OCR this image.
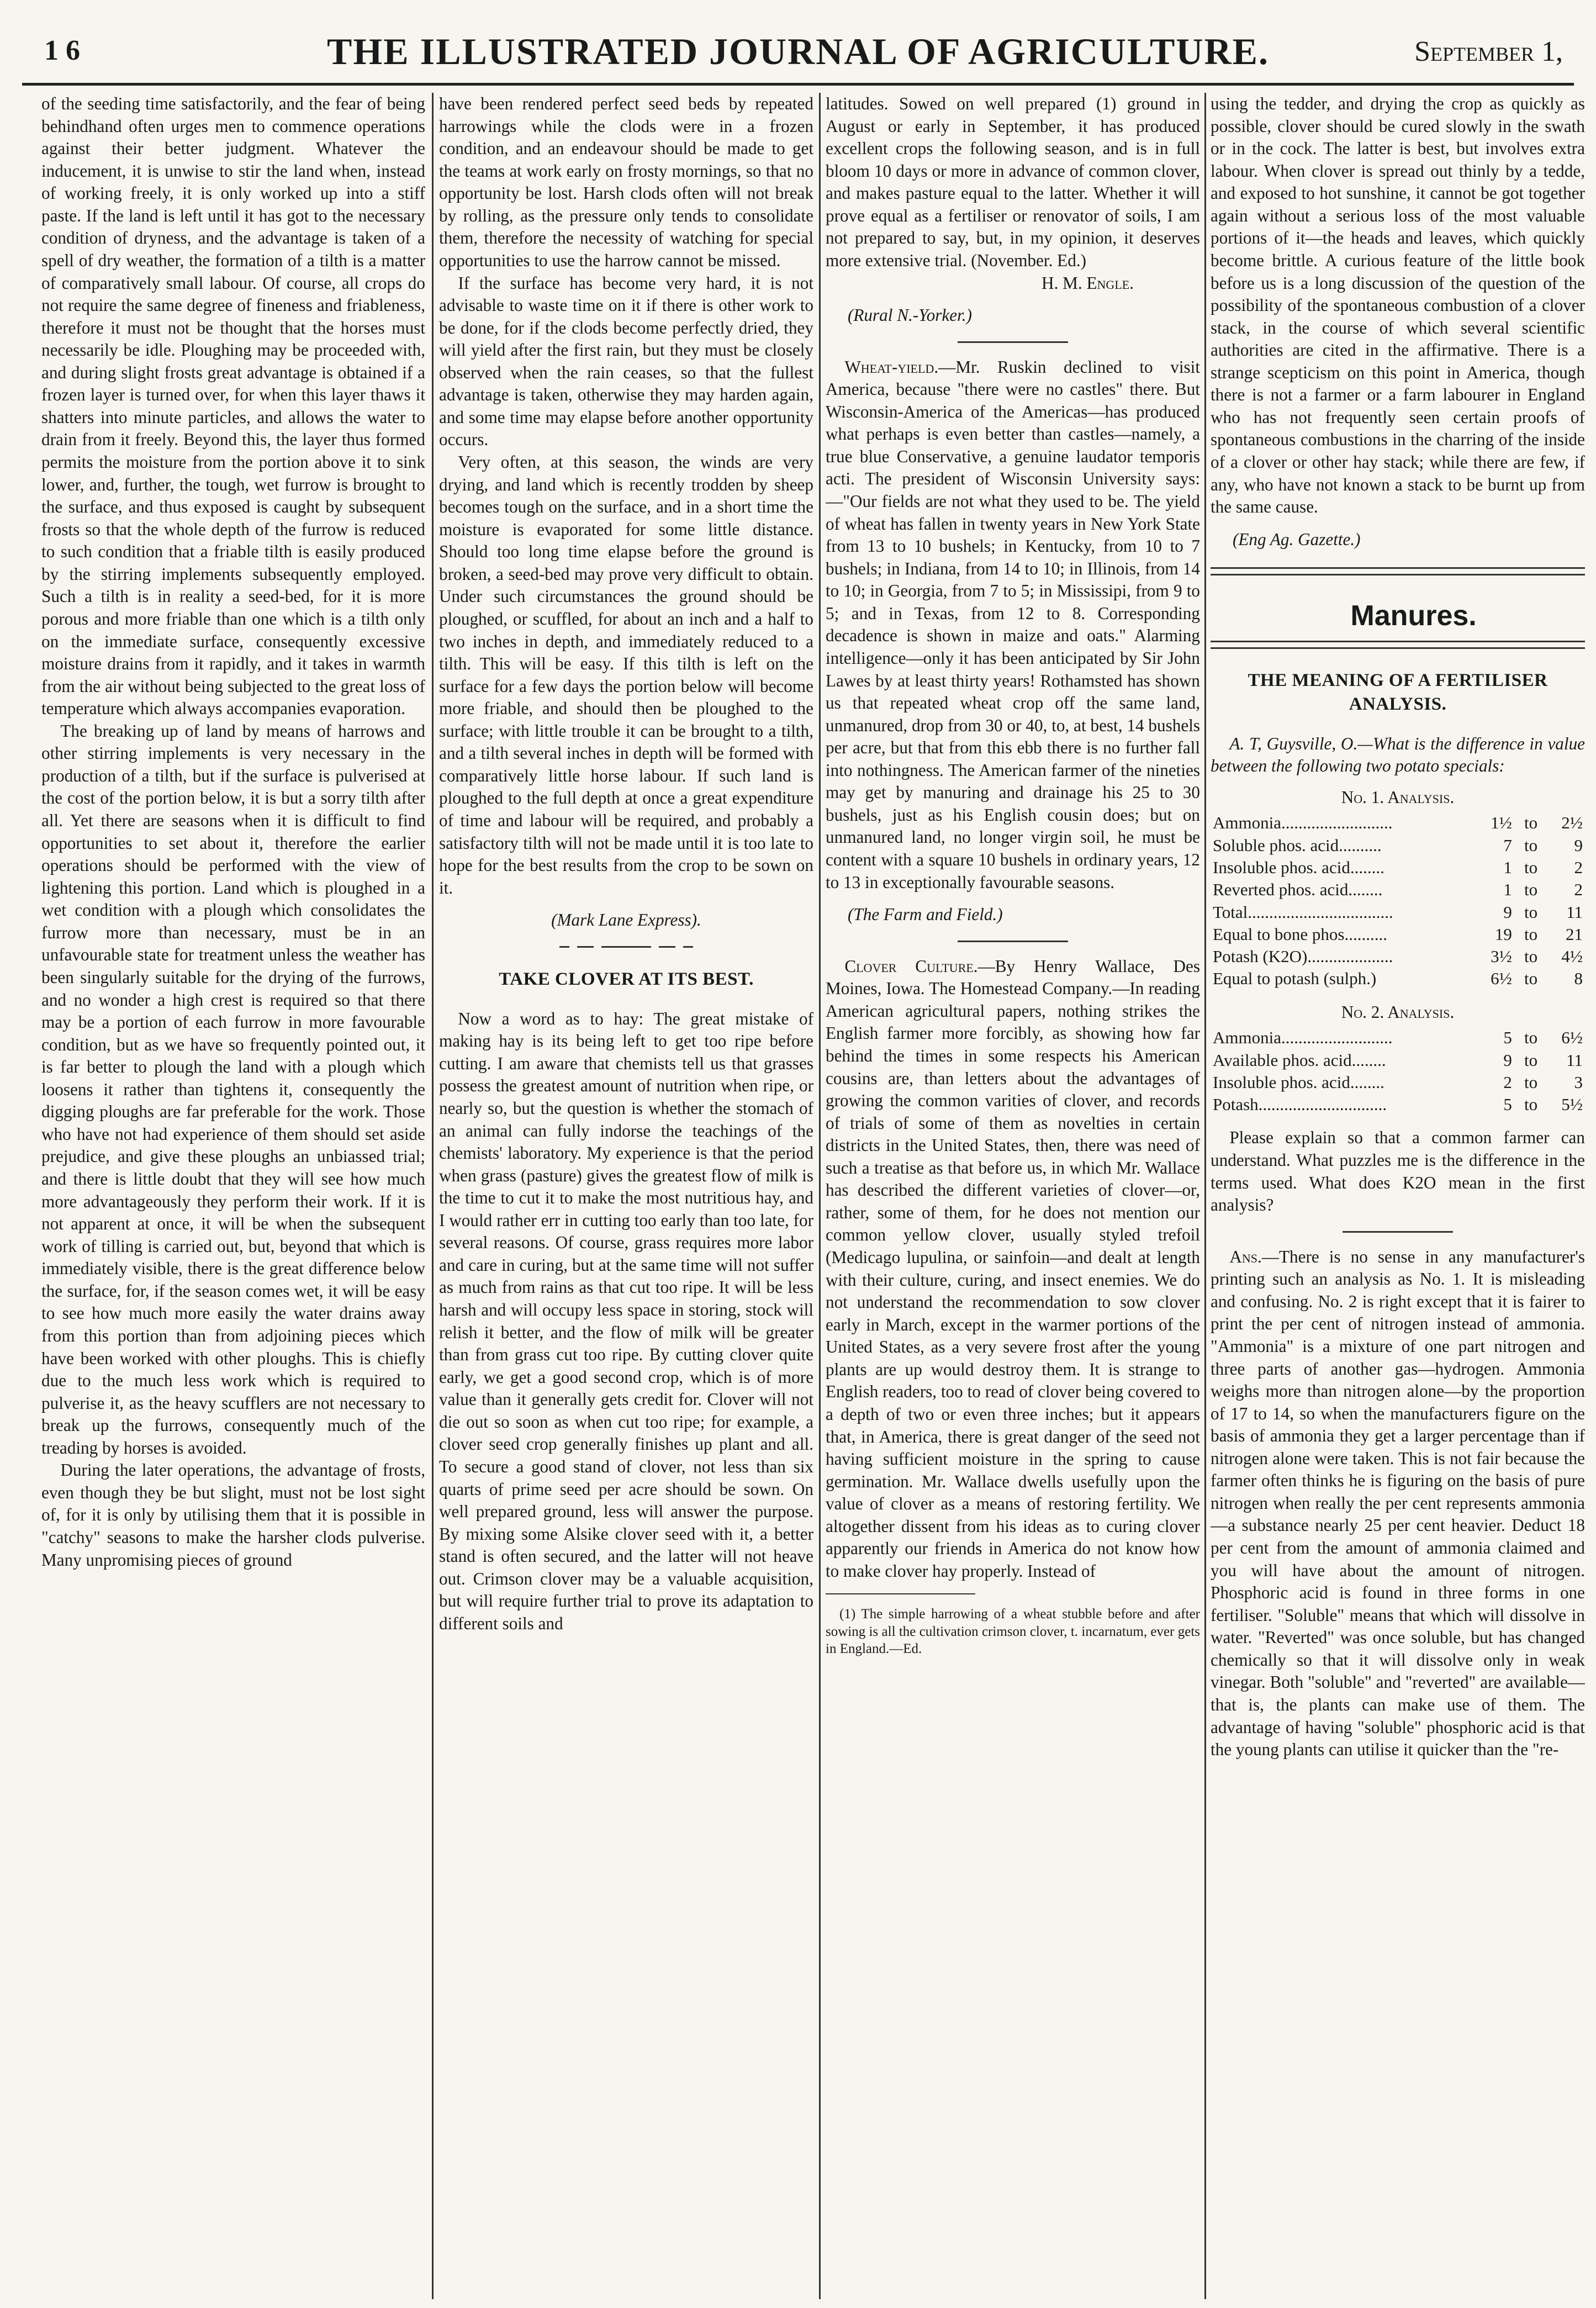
1 6	THE ILLUSTRATED JOURNAL OF AGRICULTURE.	September 1,

of the seeding time satisfactorily, and the fear of being behindhand often urges men to commence operations against their better judgment. Whatever the inducement, it is unwise to stir the land when, instead of working freely, it is only worked up into a stiff paste. If the land is left until it has got to the necessary condition of dryness, and the advantage is taken of a spell of dry weather, the formation of a tilth is a matter of comparatively small labour. Of course, all crops do not require the same degree of fineness and friableness, therefore it must not be thought that the horses must necessarily be idle. Ploughing may be proceeded with, and during slight frosts great advantage is obtained if a frozen layer is turned over, for when this layer thaws it shatters into minute particles, and allows the water to drain from it freely. Beyond this, the layer thus formed permits the moisture from the portion above it to sink lower, and, further, the tough, wet furrow is brought to the surface, and thus exposed is caught by subsequent frosts so that the whole depth of the furrow is reduced to such condition that a friable tilth is easily produced by the stirring implements subsequently employed. Such a tilth is in reality a seed-bed, for it is more porous and more friable than one which is a tilth only on the immediate surface, consequently excessive moisture drains from it rapidly, and it takes in warmth from the air without being subjected to the great loss of temperature which always accompanies evaporation.

The breaking up of land by means of harrows and other stirring implements is very necessary in the production of a tilth, but if the surface is pulverised at the cost of the portion below, it is but a sorry tilth after all. Yet there are seasons when it is difficult to find opportunities to set about it, therefore the earlier operations should be performed with the view of lightening this portion. Land which is ploughed in a wet condition with a plough which consolidates the furrow more than necessary, must be in an unfavourable state for treatment unless the weather has been singularly suitable for the drying of the furrows, and no wonder a high crest is required so that there may be a portion of each furrow in more favourable condition, but as we have so frequently pointed out, it is far better to plough the land with a plough which loosens it rather than tightens it, consequently the digging ploughs are far preferable for the work. Those who have not had experience of them should set aside prejudice, and give these ploughs an unbiassed trial; and there is little doubt that they will see how much more advantageously they perform their work. If it is not apparent at once, it will be when the subsequent work of tilling is carried out, but, beyond that which is immediately visible, there is the great difference below the surface, for, if the season comes wet, it will be easy to see how much more easily the water drains away from this portion than from adjoining pieces which have been worked with other ploughs. This is chiefly due to the much less work which is required to pulverise it, as the heavy scufflers are not necessary to break up the furrows, consequently much of the treading by horses is avoided.

During the later operations, the advantage of frosts, even though they be but slight, must not be lost sight of, for it is only by utilising them that it is possible in "catchy" seasons to make the harsher clods pulverise. Many unpromising pieces of ground

have been rendered perfect seed beds by repeated harrowings while the clods were in a frozen condition, and an endeavour should be made to get the teams at work early on frosty mornings, so that no opportunity be lost. Harsh clods often will not break by rolling, as the pressure only tends to consolidate them, therefore the necessity of watching for special opportunities to use the harrow cannot be missed.

If the surface has become very hard, it is not advisable to waste time on it if there is other work to be done, for if the clods become perfectly dried, they will yield after the first rain, but they must be closely observed when the rain ceases, so that the fullest advantage is taken, otherwise they may harden again, and some time may elapse before another opportunity occurs.

Very often, at this season, the winds are very drying, and land which is recently trodden by sheep becomes tough on the surface, and in a short time the moisture is evaporated for some little distance. Should too long time elapse before the ground is broken, a seed-bed may prove very difficult to obtain. Under such circumstances the ground should be ploughed, or scuffled, for about an inch and a half to two inches in depth, and immediately reduced to a tilth. This will be easy. If this tilth is left on the surface for a few days the portion below will become more friable, and should then be ploughed to the surface; with little trouble it can be brought to a tilth, and a tilth several inches in depth will be formed with comparatively little horse labour. If such land is ploughed to the full depth at once a great expenditure of time and labour will be required, and probably a satisfactory tilth will not be made until it is too late to hope for the best results from the crop to be sown on it.

(Mark Lane Express).

TAKE CLOVER AT ITS BEST.

Now a word as to hay: The great mistake of making hay is its being left to get too ripe before cutting. I am aware that chemists tell us that grasses possess the greatest amount of nutrition when ripe, or nearly so, but the question is whether the stomach of an animal can fully indorse the teachings of the chemists' laboratory. My experience is that the period when grass (pasture) gives the greatest flow of milk is the time to cut it to make the most nutritious hay, and I would rather err in cutting too early than too late, for several reasons. Of course, grass requires more labor and care in curing, but at the same time will not suffer as much from rains as that cut too ripe. It will be less harsh and will occupy less space in storing, stock will relish it better, and the flow of milk will be greater than from grass cut too ripe. By cutting clover quite early, we get a good second crop, which is of more value than it generally gets credit for. Clover will not die out so soon as when cut too ripe; for example, a clover seed crop generally finishes up plant and all. To secure a good stand of clover, not less than six quarts of prime seed per acre should be sown. On well prepared ground, less will answer the purpose. By mixing some Alsike clover seed with it, a better stand is often secured, and the latter will not heave out. Crimson clover may be a valuable acquisition, but will require further trial to prove its adaptation to different soils and

latitudes. Sowed on well prepared (1) ground in August or early in September, it has produced excellent crops the following season, and is in full bloom 10 days or more in advance of common clover, and makes pasture equal to the latter. Whether it will prove equal as a fertiliser or renovator of soils, I am not prepared to say, but, in my opinion, it deserves more extensive trial. (November. Ed.)

H. M. Engle.

(Rural N.-Yorker.)

Wheat-yield.—Mr. Ruskin declined to visit America, because "there were no castles" there. But Wisconsin-America of the Americas—has produced what perhaps is even better than castles—namely, a true blue Conservative, a genuine laudator temporis acti. The president of Wisconsin University says:—"Our fields are not what they used to be. The yield of wheat has fallen in twenty years in New York State from 13 to 10 bushels; in Kentucky, from 10 to 7 bushels; in Indiana, from 14 to 10; in Illinois, from 14 to 10; in Georgia, from 7 to 5; in Mississipi, from 9 to 5; and in Texas, from 12 to 8. Corresponding decadence is shown in maize and oats." Alarming intelligence—only it has been anticipated by Sir John Lawes by at least thirty years! Rothamsted has shown us that repeated wheat crop off the same land, unmanured, drop from 30 or 40, to, at best, 14 bushels per acre, but that from this ebb there is no further fall into nothingness. The American farmer of the nineties may get by manuring and drainage his 25 to 30 bushels, just as his English cousin does; but on unmanured land, no longer virgin soil, he must be content with a square 10 bushels in ordinary years, 12 to 13 in exceptionally favourable seasons.

(The Farm and Field.)

Clover Culture.—By Henry Wallace, Des Moines, Iowa. The Homestead Company.—In reading American agricultural papers, nothing strikes the English farmer more forcibly, as showing how far behind the times in some respects his American cousins are, than letters about the advantages of growing the common varities of clover, and records of trials of some of them as novelties in certain districts in the United States, then, there was need of such a treatise as that before us, in which Mr. Wallace has described the different varieties of clover—or, rather, some of them, for he does not mention our common yellow clover, usually styled trefoil (Medicago lupulina, or sainfoin—and dealt at length with their culture, curing, and insect enemies. We do not understand the recommendation to sow clover early in March, except in the warmer portions of the United States, as a very severe frost after the young plants are up would destroy them. It is strange to English readers, too to read of clover being covered to a depth of two or even three inches; but it appears that, in America, there is great danger of the seed not having sufficient moisture in the spring to cause germination. Mr. Wallace dwells usefully upon the value of clover as a means of restoring fertility. We altogether dissent from his ideas as to curing clover apparently our friends in America do not know how to make clover hay properly. Instead of

(1) The simple harrowing of a wheat stubble before and after sowing is all the cultivation crimson clover, t. incarnatum, ever gets in England.—Ed.

using the tedder, and drying the crop as quickly as possible, clover should be cured slowly in the swath or in the cock. The latter is best, but involves extra labour. When clover is spread out thinly by a tedde, and exposed to hot sunshine, it cannot be got together again without a serious loss of the most valuable portions of it—the heads and leaves, which quickly become brittle. A curious feature of the little book before us is a long discussion of the question of the possibility of the spontaneous combustion of a clover stack, in the course of which several scientific authorities are cited in the affirmative. There is a strange scepticism on this point in America, though there is not a farmer or a farm labourer in England who has not frequently seen certain proofs of spontaneous combustions in the charring of the inside of a clover or other hay stack; while there are few, if any, who have not known a stack to be burnt up from the same cause.

(Eng Ag. Gazette.)

Manures.

THE MEANING OF A FERTILISER ANALYSIS.

A. T, Guysville, O.—What is the difference in value between the following two potato specials:

No. 1. Analysis.

Ammonia..........................	1½	to	2½
Soluble phos. acid..........	7	to	9
Insoluble phos. acid........	1	to	2
Reverted phos. acid........	1	to	2
Total..................................	9	to	11
Equal to bone phos..........	19	to	21
Potash (K2O)....................	3½	to	4½
Equal to potash (sulph.)	6½	to	8

No. 2. Analysis.

Ammonia..........................	5	to	6½
Available phos. acid........	9	to	11
Insoluble phos. acid........	2	to	3
Potash..............................	5	to	5½

Please explain so that a common farmer can understand. What puzzles me is the difference in the terms used. What does K2O mean in the first analysis?

Ans.—There is no sense in any manufacturer's printing such an analysis as No. 1. It is misleading and confusing. No. 2 is right except that it is fairer to print the per cent of nitrogen instead of ammonia. "Ammonia" is a mixture of one part nitrogen and three parts of another gas—hydrogen. Ammonia weighs more than nitrogen alone—by the proportion of 17 to 14, so when the manufacturers figure on the basis of ammonia they get a larger percentage than if nitrogen alone were taken. This is not fair because the farmer often thinks he is figuring on the basis of pure nitrogen when really the per cent represents ammonia—a substance nearly 25 per cent heavier. Deduct 18 per cent from the amount of ammonia claimed and you will have about the amount of nitrogen. Phosphoric acid is found in three forms in one fertiliser. "Soluble" means that which will dissolve in water. "Reverted" was once soluble, but has changed chemically so that it will dissolve only in weak vinegar. Both "soluble" and "reverted" are available—that is, the plants can make use of them. The advantage of having "soluble" phosphoric acid is that the young plants can utilise it quicker than the "re-
